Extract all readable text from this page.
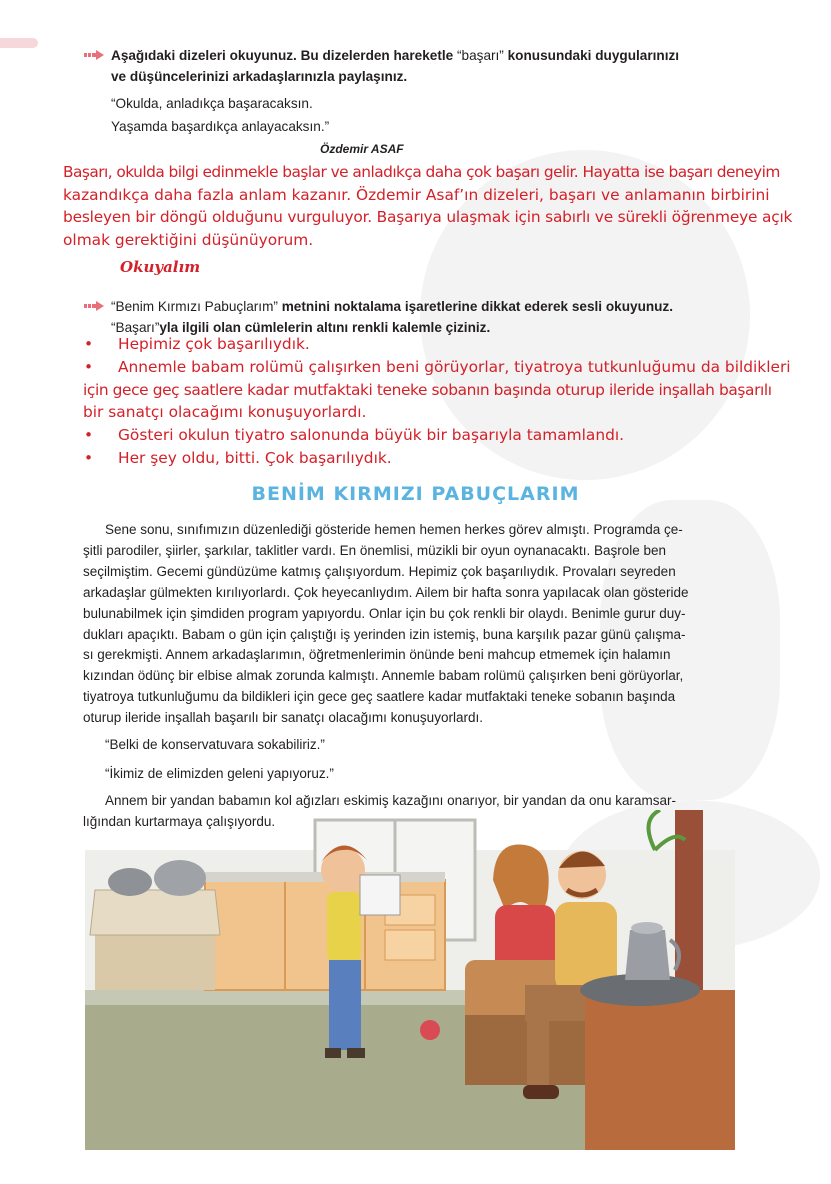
Aşağıdaki dizeleri okuyunuz. Bu dizelerden hareketle “başarı” konusundaki duygularınızı
ve düşüncelerinizi arkadaşlarınızla paylaşınız.
“Okulda, anladıkça başaracaksın.
Yaşamda başardıkça anlayacaksın.”
Özdemir ASAF
Başarı, okulda bilgi edinmekle başlar ve anladıkça daha çok başarı gelir. Hayatta ise başarı deneyim
kazandıkça daha fazla anlam kazanır. Özdemir Asaf’ın dizeleri, başarı ve anlamanın birbirini
besleyen bir döngü olduğunu vurguluyor. Başarıya ulaşmak için sabırlı ve sürekli öğrenmeye açık
olmak gerektiğini düşünüyorum.
Okuyalım
“Benim Kırmızı Pabuçlarım” metnini noktalama işaretlerine dikkat ederek sesli okuyunuz.
“Başarı”yla ilgili olan cümlelerin altını renkli kalemle çiziniz.
• Hepimiz çok başarılıydık.
•	Annemle babam rolümü çalışırken beni görüyorlar, tiyatroya tutkunluğumu da bildikleri
için gece geç saatlere kadar mutfaktaki teneke sobanın başında oturup ileride inşallah başarılı
bir sanatçı olacağımı konuşuyorlardı.
• Gösteri okulun tiyatro salonunda büyük bir başarıyla tamamlandı.
• Her şey oldu, bitti. Çok başarılıydık.
BENİM KIRMIZI PABUÇLARIM

Sene sonu, sınıfımızın düzenlediği gösteride hemen hemen herkes görev almıştı. Programda çe-

şitli parodiler, şiirler, şarkılar, taklitler vardı. En önemlisi, müzikli bir oyun oynanacaktı. Başrole ben

seçilmiştim. Gecemi gündüzüme katmış çalışıyordum. Hepimiz çok başarılıydık. Provaları seyreden

arkadaşlar gülmekten kırılıyorlardı. Çok heyecanlıydım. Ailem bir hafta sonra yapılacak olan gösteride

bulunabilmek için şimdiden program yapıyordu. Onlar için bu çok renkli bir olaydı. Benimle gurur duy-

dukları apaçıktı. Babam o gün için çalıştığı iş yerinden izin istemiş, buna karşılık pazar günü çalışma-

sı gerekmişti. Annem arkadaşlarımın, öğretmenlerimin önünde beni mahcup etmemek için halamın

kızından ödünç bir elbise almak zorunda kalmıştı. Annemle babam rolümü çalışırken beni görüyorlar,

tiyatroya tutkunluğumu da bildikleri için gece geç saatlere kadar mutfaktaki teneke sobanın başında

oturup ileride inşallah başarılı bir sanatçı olacağımı konuşuyorlardı.

“Belki de konservatuvara sokabiliriz.”
“İkimiz de elimizden geleni yapıyoruz.”

Annem bir yandan babamın kol ağızları eskimiş kazağını onarıyor, bir yandan da onu karamsar-

lığından kurtarmaya çalışıyordu.
